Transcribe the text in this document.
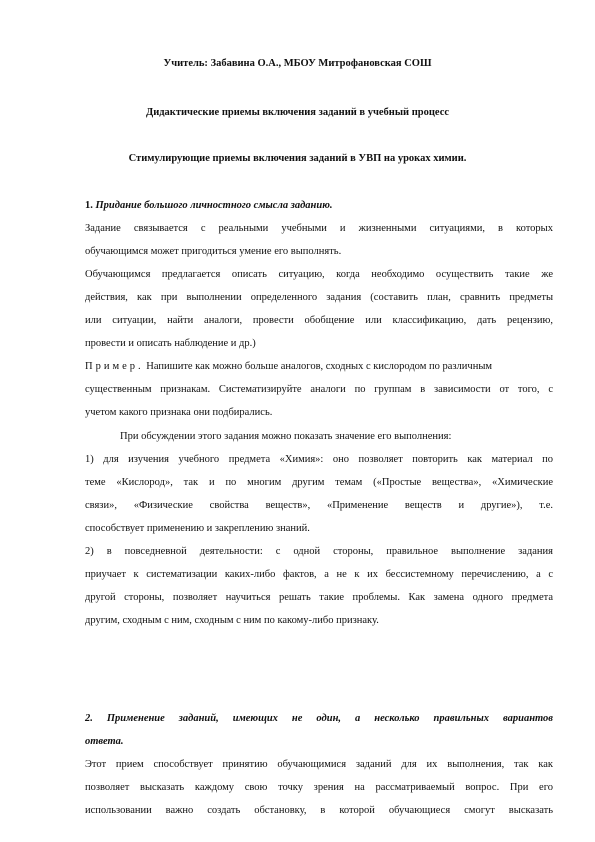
Учитель: Забавина О.А., МБОУ Митрофановская СОШ
Дидактические приемы включения заданий в учебный процесс
Стимулирующие приемы включения заданий в УВП на уроках химии.
1. Придание большого личностного смысла заданию.
Задание связывается с реальными учебными и жизненными ситуациями, в которых
обучающимся может пригодиться умение его выполнять.
Обучающимся предлагается описать ситуацию, когда необходимо осуществить такие же
действия, как при выполнении определенного задания (составить план, сравнить предметы
или ситуации, найти аналоги, провести обобщение или классификацию, дать рецензию,
провести и описать наблюдение и др.)
Пример. Напишите как можно больше аналогов, сходных с кислородом по различным
существенным признакам. Систематизируйте аналоги по группам в зависимости от того, с
учетом какого признака они подбирались.
При обсуждении этого задания можно показать значение его выполнения:
1) для изучения учебного предмета «Химия»: оно позволяет повторить как материал по
теме «Кислород», так и по многим другим темам («Простые вещества», «Химические
связи», «Физические свойства веществ», «Применение веществ и другие»), т.е.
способствует применению и закреплению знаний.
2) в повседневной деятельности: с одной стороны, правильное выполнение задания
приучает к систематизации каких-либо фактов, а не к их бессистемному перечислению, а с
другой стороны, позволяет научиться решать такие проблемы. Как замена одного предмета
другим, сходным с ним, сходным с ним по какому-либо признаку.
2. Применение заданий, имеющих не один, а несколько правильных вариантов
ответа.
Этот прием способствует принятию обучающимися заданий для их выполнения, так как
позволяет высказать каждому свою точку зрения на рассматриваемый вопрос. При его
использовании важно создать обстановку, в которой обучающиеся смогут высказать
